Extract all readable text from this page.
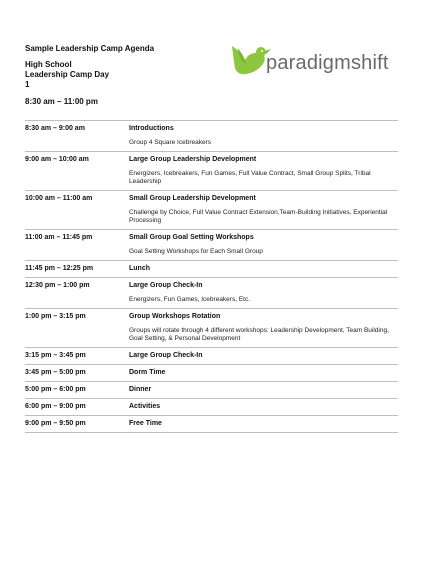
Sample Leadership Camp Agenda
High School
Leadership Camp Day
1
8:30 am – 11:00 pm
paradigmshift
8:30 am – 9:00 am	Introductions
Group 4 Square Icebreakers
9:00 am – 10:00 am	Large Group Leadership Development
Energizers, Icebreakers, Fun Games, Full Value Contract, Small Group Splits, Tribal Leadership
10:00 am – 11:00 am	Small Group Leadership Development
Challenge by Choice, Full Value Contract Extension,Team-Building Initiatives, Experiential Processing
11:00 am – 11:45 pm	Small Group Goal Setting Workshops
Goal Setting Workshops for Each Small Group
11:45 pm – 12:25 pm	Lunch
12:30 pm – 1:00 pm	Large Group Check-In
Energizers, Fun Games, Icebreakers, Etc.
1:00 pm – 3:15 pm	Group Workshops Rotation
Groups will rotate through 4 different workshops: Leadership Development, Team Building, Goal Setting, & Personal Development
3:15 pm – 3:45 pm	Large Group Check-In
3:45 pm – 5:00 pm	Dorm Time
5:00 pm – 6:00 pm	Dinner
6:00 pm – 9:00 pm	Activities
9:00 pm – 9:50 pm	Free Time
